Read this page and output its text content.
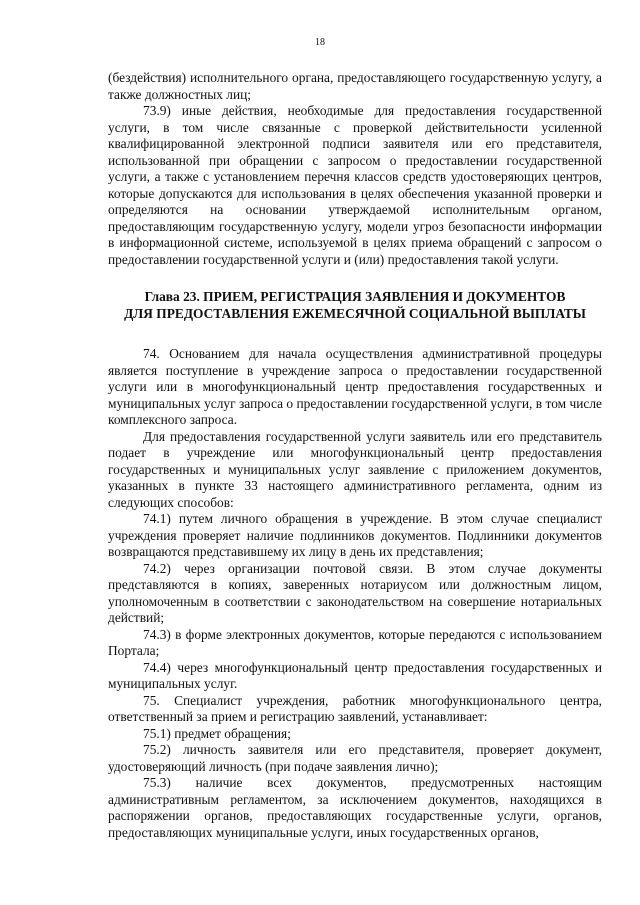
18

(бездействия) исполнительного органа, предоставляющего государственную услугу, а также должностных лиц;

73.9) иные действия, необходимые для предоставления государственной услуги, в том числе связанные с проверкой действительности усиленной квалифицированной электронной подписи заявителя или его представителя, использованной при обращении с запросом о предоставлении государственной услуги, а также с установлением перечня классов средств удостоверяющих центров, которые допускаются для использования в целях обеспечения указанной проверки и определяются на основании утверждаемой исполнительным органом, предоставляющим государственную услугу, модели угроз безопасности информации в информационной системе, используемой в целях приема обращений с запросом о предоставлении государственной услуги и (или) предоставления такой услуги.

Глава 23. ПРИЕМ, РЕГИСТРАЦИЯ ЗАЯВЛЕНИЯ И ДОКУМЕНТОВ
ДЛЯ ПРЕДОСТАВЛЕНИЯ ЕЖЕМЕСЯЧНОЙ СОЦИАЛЬНОЙ ВЫПЛАТЫ

74. Основанием для начала осуществления административной процедуры является поступление в учреждение запроса о предоставлении государственной услуги или в многофункциональный центр предоставления государственных и муниципальных услуг запроса о предоставлении государственной услуги, в том числе комплексного запроса.

Для предоставления государственной услуги заявитель или его представитель подает в учреждение или многофункциональный центр предоставления государственных и муниципальных услуг заявление с приложением документов, указанных в пункте 33 настоящего административного регламента, одним из следующих способов:

74.1) путем личного обращения в учреждение. В этом случае специалист учреждения проверяет наличие подлинников документов. Подлинники документов возвращаются представившему их лицу в день их представления;

74.2) через организации почтовой связи. В этом случае документы представляются в копиях, заверенных нотариусом или должностным лицом, уполномоченным в соответствии с законодательством на совершение нотариальных действий;

74.3) в форме электронных документов, которые передаются с использованием Портала;

74.4) через многофункциональный центр предоставления государственных и муниципальных услуг.

75. Специалист учреждения, работник многофункционального центра, ответственный за прием и регистрацию заявлений, устанавливает:

75.1) предмет обращения;

75.2) личность заявителя или его представителя, проверяет документ, удостоверяющий личность (при подаче заявления лично);

75.3) наличие всех документов, предусмотренных настоящим административным регламентом, за исключением документов, находящихся в распоряжении органов, предоставляющих государственные услуги, органов, предоставляющих муниципальные услуги, иных государственных органов,
